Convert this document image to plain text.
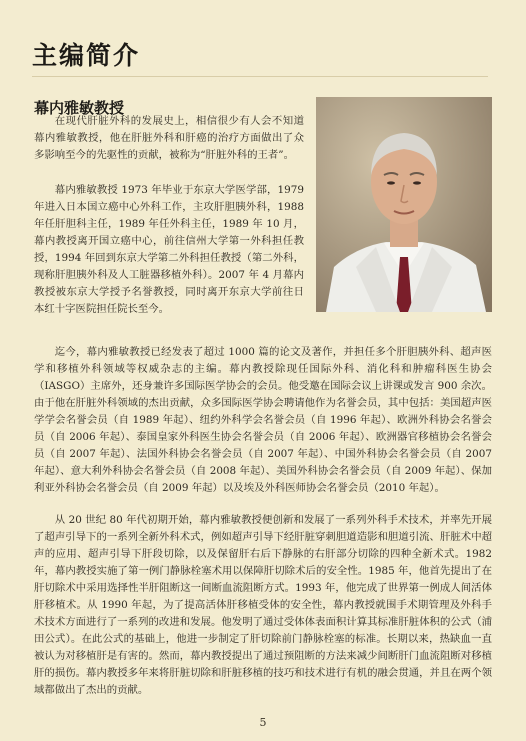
主编简介
幕内雅敏教授

在现代肝脏外科的发展史上，相信很少有人会不知道幕内雅敏教授，他在肝脏外科和肝癌的治疗方面做出了众多影响至今的先驱性的贡献，被称为“肝脏外科的王者”。

幕内雅敏教授 1973 年毕业于东京大学医学部，1979 年进入日本国立癌中心外科工作，主攻肝胆胰外科，1988 年任肝胆科主任，1989 年任外科主任，1989 年 10 月，幕内教授离开国立癌中心，前往信州大学第一外科担任教授，1994 年回到东京大学第二外科担任教授（第二外科，现称肝胆胰外科及人工脏器移植外科）。2007 年 4 月幕内教授被东京大学授予名誉教授，同时离开东京大学前往日本红十字医院担任院长至今。

迄今，幕内雅敏教授已经发表了超过 1000 篇的论文及著作，并担任多个肝胆胰外科、超声医学和移植外科领域等权威杂志的主编。幕内教授除现任国际外科、消化科和肿瘤科医生协会（IASGO）主席外，还身兼许多国际医学协会的会员。他受邀在国际会议上讲课或发言 900 余次。由于他在肝脏外科领域的杰出贡献，众多国际医学协会聘请他作为名誉会员，其中包括：美国超声医学学会名誉会员（自 1989 年起）、纽约外科学会名誉会员（自 1996 年起）、欧洲外科协会名誉会员（自 2006 年起）、泰国皇家外科医生协会名誉会员（自 2006 年起）、欧洲器官移植协会名誉会员（自 2007 年起）、法国外科协会名誉会员（自 2007 年起）、中国外科协会名誉会员（自 2007 年起）、意大利外科协会名誉会员（自 2008 年起）、美国外科协会名誉会员（自 2009 年起）、保加利亚外科协会名誉会员（自 2009 年起）以及埃及外科医师协会名誉会员（2010 年起）。

从 20 世纪 80 年代初期开始，幕内雅敏教授便创新和发展了一系列外科手术技术，并率先开展了超声引导下的一系列全新外科术式，例如超声引导下经肝脏穿刺胆道造影和胆道引流、肝脏术中超声的应用、超声引导下肝段切除，以及保留肝右后下静脉的右肝部分切除的四种全新术式。1982 年，幕内教授实施了第一例门静脉栓塞术用以保障肝切除术后的安全性。1985 年，他首先提出了在肝切除术中采用选择性半肝阻断这一间断血流阻断方式。1993 年，他完成了世界第一例成人间活体肝移植术。从 1990 年起，为了提高活体肝移植受体的安全性，幕内教授就围手术期管理及外科手术技术方面进行了一系列的改进和发展。他发明了通过受体体表面积计算其标准肝脏体积的公式（浦田公式）。在此公式的基础上，他进一步制定了肝切除前门静脉栓塞的标准。长期以来，热缺血一直被认为对移植肝是有害的。然而，幕内教授提出了通过预阻断的方法来减少间断肝门血流阻断对移植肝的损伤。幕内教授多年来将肝脏切除和肝脏移植的技巧和技术进行有机的融会贯通，并且在两个领域都做出了杰出的贡献。

5
